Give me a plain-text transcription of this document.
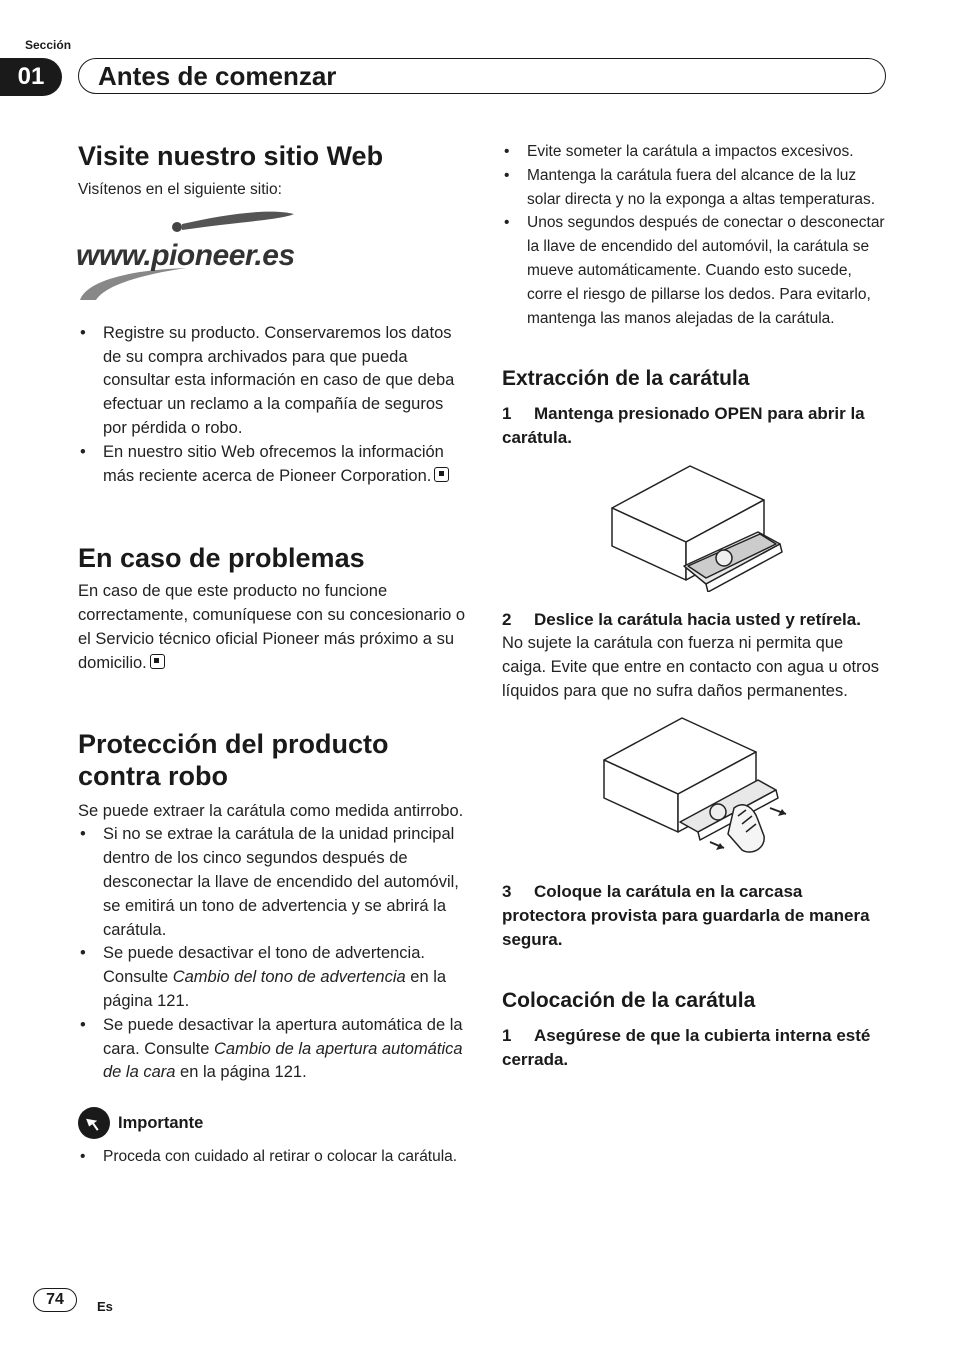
Sección
01	Antes de comenzar
Visite nuestro sitio Web

Visítenos en el siguiente sitio:

www.pioneer.es
• Registre su producto. Conservaremos los datos de su compra archivados para que pueda consultar esta información en caso de que deba efectuar un reclamo a la compañía de seguros por pérdida o robo.
• En nuestro sitio Web ofrecemos la información más reciente acerca de Pioneer Corporation.
En caso de problemas

En caso de que este producto no funcione correctamente, comuníquese con su concesionario o el Servicio técnico oficial Pioneer más próximo a su domicilio.

Protección del producto
contra robo

Se puede extraer la carátula como medida antirrobo.

• Si no se extrae la carátula de la unidad principal dentro de los cinco segundos después de desconectar la llave de encendido del automóvil, se emitirá un tono de advertencia y se abrirá la carátula.
• Se puede desactivar el tono de advertencia. Consulte Cambio del tono de advertencia en la página 121.
• Se puede desactivar la apertura automática de la cara. Consulte Cambio de la apertura automática de la cara en la página 121.
Importante
• Proceda con cuidado al retirar o colocar la carátula.
• Evite someter la carátula a impactos excesivos.
• Mantenga la carátula fuera del alcance de la luz solar directa y no la exponga a altas temperaturas.
• Unos segundos después de conectar o desconectar la llave de encendido del automóvil, la carátula se mueve automáticamente. Cuando esto sucede, corre el riesgo de pillarse los dedos. Para evitarlo, mantenga las manos alejadas de la carátula.
Extracción de la carátula

1 Mantenga presionado OPEN para abrir la carátula.

2 Deslice la carátula hacia usted y retírela.

No sujete la carátula con fuerza ni permita que caiga. Evite que entre en contacto con agua u otros líquidos para que no sufra daños permanentes.

3 Coloque la carátula en la carcasa protectora provista para guardarla de manera segura.

Colocación de la carátula

1 Asegúrese de que la cubierta interna esté cerrada.

74	Es
